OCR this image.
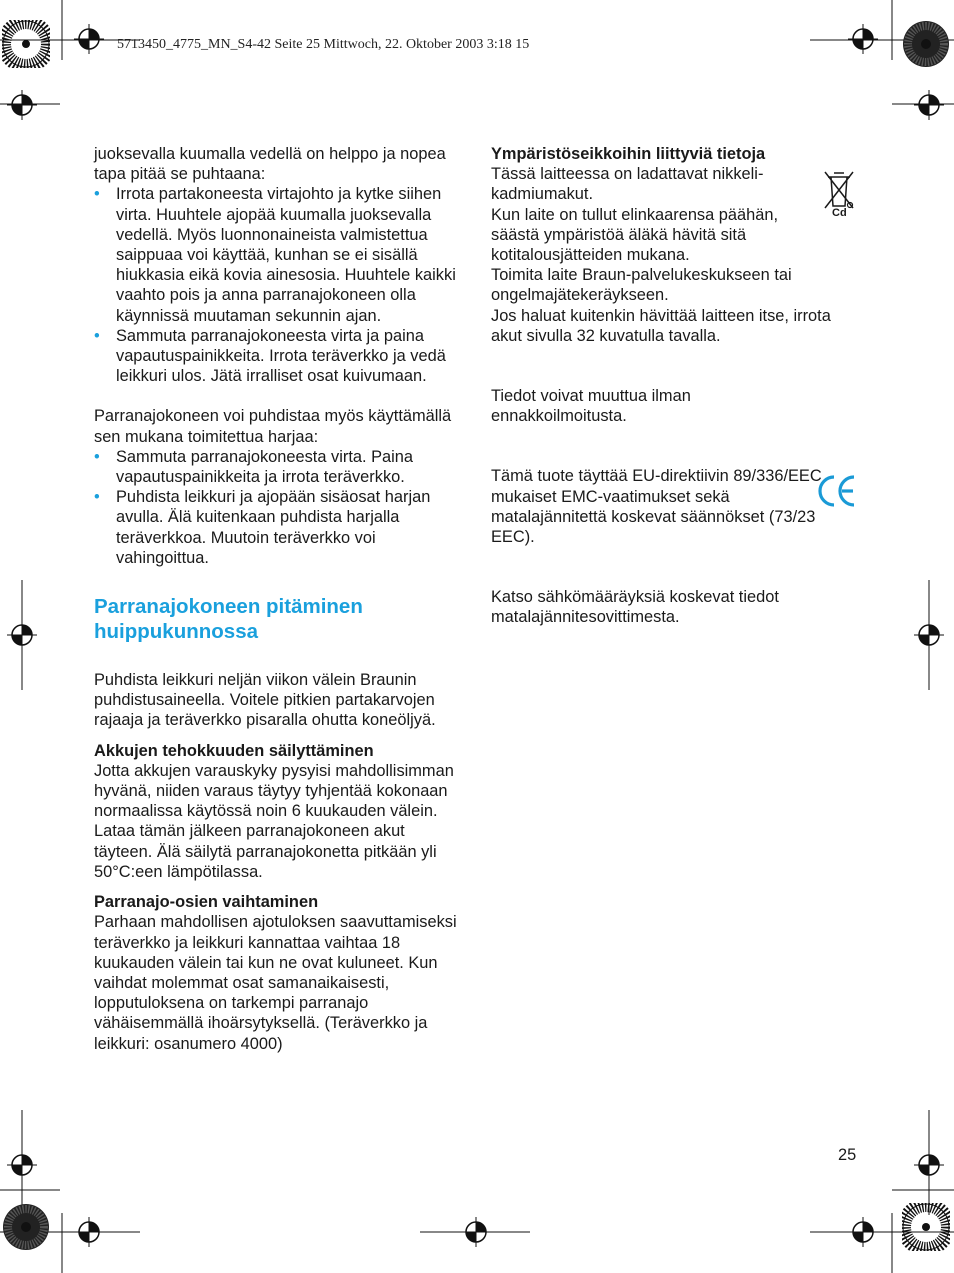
5713450_4775_MN_S4-42 Seite 25 Mittwoch, 22. Oktober 2003 3:18 15

juoksevalla kuumalla vedellä on helppo ja nopea tapa pitää se puhtaana:

• Irrota partakoneesta virtajohto ja kytke siihen virta. Huuhtele ajopää kuumalla juoksevalla vedellä. Myös luonnonaineista valmistettua saippuaa voi käyttää, kunhan se ei sisällä hiukkasia eikä kovia ainesosia. Huuhtele kaikki vaahto pois ja anna parranajokoneen olla käynnissä muutaman sekunnin ajan.
• Sammuta parranajokoneesta virta ja paina vapautuspainikkeita. Irrota teräverkko ja vedä leikkuri ulos. Jätä irralliset osat kuivumaan.

Parranajokoneen voi puhdistaa myös käyttämällä sen mukana toimitettua harjaa:

• Sammuta parranajokoneesta virta. Paina vapautuspainikkeita ja irrota teräverkko.
• Puhdista leikkuri ja ajopään sisäosat harjan avulla. Älä kuitenkaan puhdista harjalla teräverkkoa. Muutoin teräverkko voi vahingoittua.
Parranajokoneen pitäminen huippukunnossa

Puhdista leikkuri neljän viikon välein Braunin puhdistusaineella. Voitele pitkien partakarvojen rajaaja ja teräverkko pisaralla ohutta koneöljyä.

Akkujen tehokkuuden säilyttäminen

Jotta akkujen varauskyky pysyisi mahdollisimman hyvänä, niiden varaus täytyy tyhjentää kokonaan normaalissa käytössä noin 6 kuukauden välein. Lataa tämän jälkeen parranajokoneen akut täyteen. Älä säilytä parranajokonetta pitkään yli 50°C:een lämpötilassa.

Parranajo-osien vaihtaminen

Parhaan mahdollisen ajotuloksen saavuttamiseksi teräverkko ja leikkuri kannattaa vaihtaa 18 kuukauden välein tai kun ne ovat kuluneet. Kun vaihdat molemmat osat samanaikaisesti, lopputuloksena on tarkempi parranajo vähäisemmällä ihoärsytyksellä. (Teräverkko ja leikkuri: osanumero 4000)

Ympäristöseikkoihin liittyviä tietoja

Tässä laitteessa on ladattavat nikkeli-kadmiumakut.

Kun laite on tullut elinkaarensa päähän, säästä ympäristöä äläkä hävitä sitä kotitalousjätteiden mukana.

Toimita laite Braun-palvelukeskukseen tai ongelmajätekeräykseen.

Jos haluat kuitenkin hävittää laitteen itse, irrota akut sivulla 32 kuvatulla tavalla.

Tiedot voivat muuttua ilman ennakkoilmoitusta.

Tämä tuote täyttää EU-direktiivin 89/336/EEC mukaiset EMC-vaatimukset sekä matalajännitettä koskevat säännökset (73/23 EEC).

Katso sähkömääräyksiä koskevat tiedot matalajännitesovittimesta.

Cd
25
